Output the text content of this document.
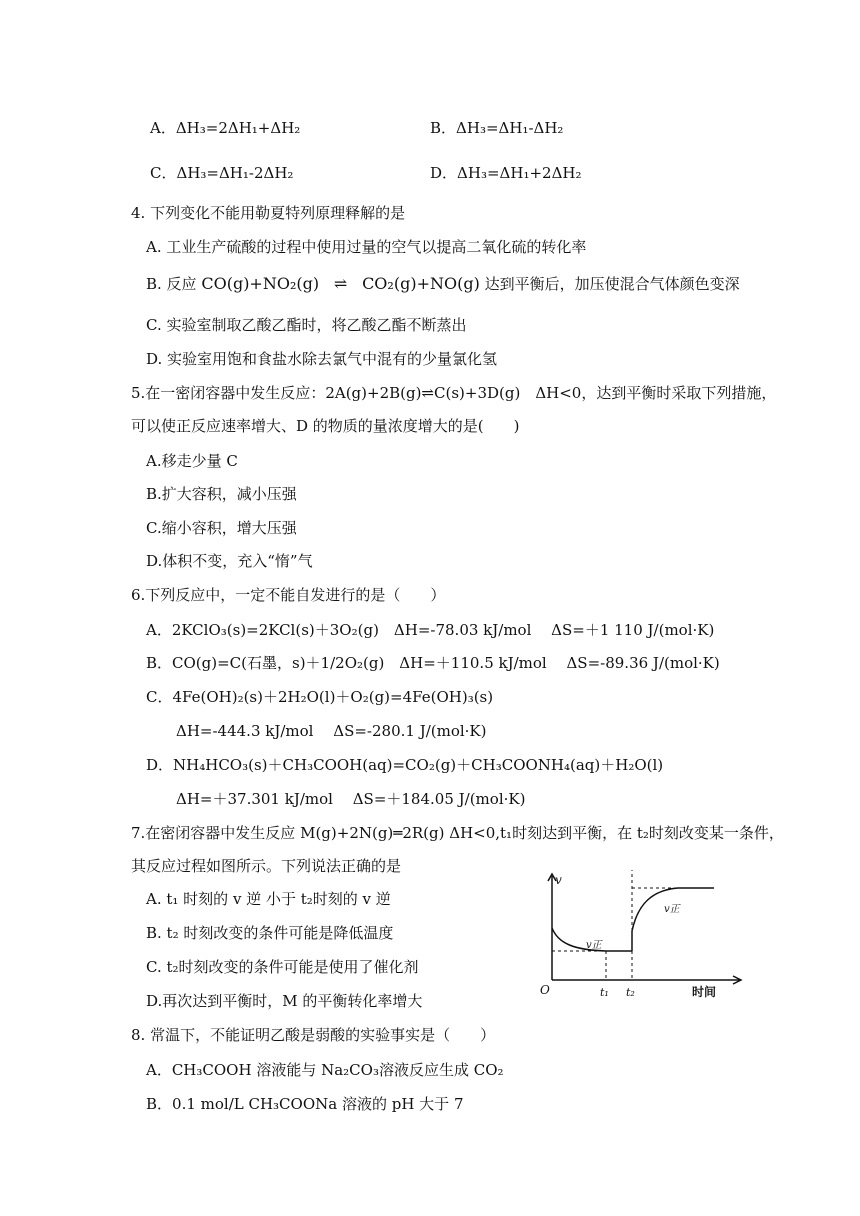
A．ΔH₃=2ΔH₁+ΔH₂	B．ΔH₃=ΔH₁-ΔH₂
C．ΔH₃=ΔH₁-2ΔH₂	D．ΔH₃=ΔH₁+2ΔH₂
4. 下列变化不能用勒夏特列原理释解的是
A. 工业生产硫酸的过程中使用过量的空气以提高二氧化硫的转化率
B. 反应 CO(g)+NO₂(g) ⇌ CO₂(g)+NO(g) 达到平衡后，加压使混合气体颜色变深
C. 实验室制取乙酸乙酯时，将乙酸乙酯不断蒸出
D. 实验室用饱和食盐水除去氯气中混有的少量氯化氢
5.在一密闭容器中发生反应：2A(g)+2B(g)⇌C(s)+3D(g)　ΔH<0，达到平衡时采取下列措施，
可以使正反应速率增大、D 的物质的量浓度增大的是(　　)
A.移走少量 C
B.扩大容积，减小压强
C.缩小容积，增大压强
D.体积不变，充入“惰”气
6.下列反应中，一定不能自发进行的是（　　）
A．2KClO₃(s)=2KCl(s)＋3O₂(g)　ΔH=-78.03 kJ/mol　 ΔS=＋1 110 J/(mol·K)
B．CO(g)=C(石墨，s)＋1/2O₂(g)　ΔH=＋110.5 kJ/mol　 ΔS=-89.36 J/(mol·K)
C．4Fe(OH)₂(s)＋2H₂O(l)＋O₂(g)=4Fe(OH)₃(s)
ΔH=-444.3 kJ/mol　 ΔS=-280.1 J/(mol·K)
D．NH₄HCO₃(s)＋CH₃COOH(aq)=CO₂(g)＋CH₃COONH₄(aq)＋H₂O(l)
ΔH=＋37.301 kJ/mol　 ΔS=＋184.05 J/(mol·K)
7.在密闭容器中发生反应 M(g)+2N(g)═2R(g) ΔH<0,t₁时刻达到平衡，在 t₂时刻改变某一条件，
其反应过程如图所示。下列说法正确的是
A. t₁ 时刻的 v 逆 小于 t₂时刻的 v 逆
B. t₂ 时刻改变的条件可能是降低温度
C. t₂时刻改变的条件可能是使用了催化剂
D.再次达到平衡时，M 的平衡转化率增大
v
O	t₁ t₂	时间
v正
v正
8. 常温下，不能证明乙酸是弱酸的实验事实是（　　）
A．CH₃COOH 溶液能与 Na₂CO₃溶液反应生成 CO₂
B．0.1 mol/L CH₃COONa 溶液的 pH 大于 7
